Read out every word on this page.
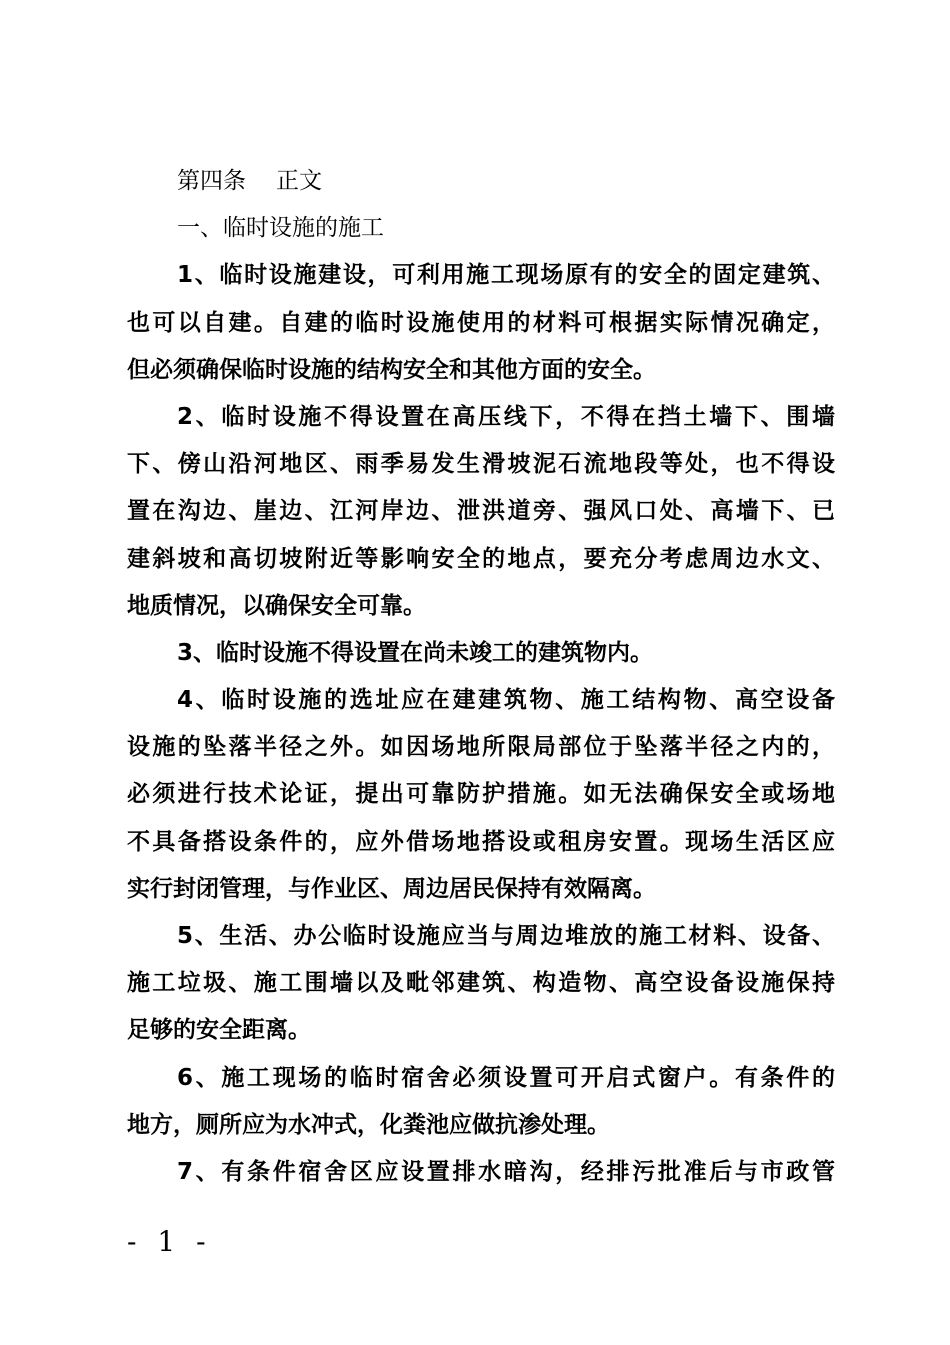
第四条 正文
一、临时设施的施工
1、临时设施建设，可利用施工现场原有的安全的固定建筑、
也可以自建。自建的临时设施使用的材料可根据实际情况确定，
但必须确保临时设施的结构安全和其他方面的安全。
2、临时设施不得设置在高压线下，不得在挡土墙下、围墙
下、傍山沿河地区、雨季易发生滑坡泥石流地段等处，也不得设
置在沟边、崖边、江河岸边、泄洪道旁、强风口处、高墙下、已
建斜坡和高切坡附近等影响安全的地点，要充分考虑周边水文、
地质情况，以确保安全可靠。
3、临时设施不得设置在尚未竣工的建筑物内。
4、临时设施的选址应在建建筑物、施工结构物、高空设备
设施的坠落半径之外。如因场地所限局部位于坠落半径之内的，
必须进行技术论证，提出可靠防护措施。如无法确保安全或场地
不具备搭设条件的，应外借场地搭设或租房安置。现场生活区应
实行封闭管理，与作业区、周边居民保持有效隔离。
5、生活、办公临时设施应当与周边堆放的施工材料、设备、
施工垃圾、施工围墙以及毗邻建筑、构造物、高空设备设施保持
足够的安全距离。
6、施工现场的临时宿舍必须设置可开启式窗户。有条件的
地方，厕所应为水冲式，化粪池应做抗渗处理。
7、有条件宿舍区应设置排水暗沟，经排污批准后与市政管
- 1 -
